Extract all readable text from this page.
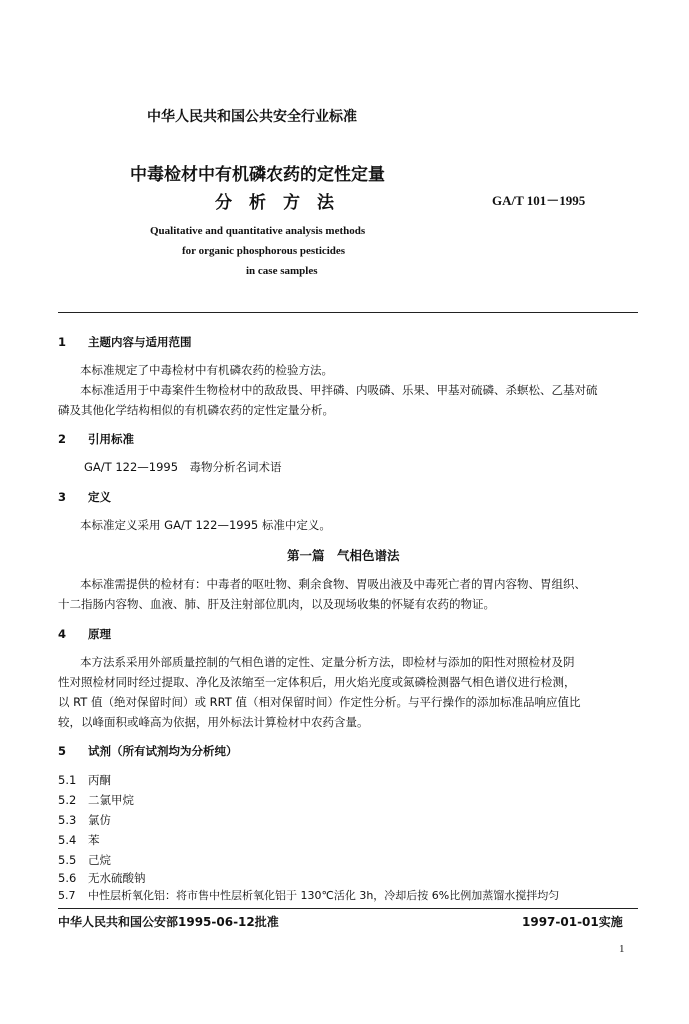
中华人民共和国公共安全行业标准
中毒检材中有机磷农药的定性定量
分　析　方　法	GA/T 101－1995
Qualitative and quantitative analysis methods
for organic phosphorous pesticides
in case samples
1 主题内容与适用范围
本标准规定了中毒检材中有机磷农药的检验方法。
本标准适用于中毒案件生物检材中的敌敌畏、甲拌磷、内吸磷、乐果、甲基对硫磷、杀螟松、乙基对硫
磷及其他化学结构相似的有机磷农药的定性定量分析。
2 引用标准
GA/T 122—1995　毒物分析名词术语
3 定义
本标准定义采用 GA/T 122—1995 标准中定义。
第一篇　气相色谱法
本标准需提供的检材有：中毒者的呕吐物、剩余食物、胃吸出液及中毒死亡者的胃内容物、胃组织、
十二指肠内容物、血液、肺、肝及注射部位肌肉，以及现场收集的怀疑有农药的物证。
4 原理
本方法系采用外部质量控制的气相色谱的定性、定量分析方法，即检材与添加的阳性对照检材及阴
性对照检材同时经过提取、净化及浓缩至一定体积后，用火焰光度或氮磷检测器气相色谱仪进行检测，
以 RT 值（绝对保留时间）或 RRT 值（相对保留时间）作定性分析。与平行操作的添加标准品响应值比
较，以峰面积或峰高为依据，用外标法计算检材中农药含量。
5 试剂（所有试剂均为分析纯）
5.1 丙酮
5.2 二氯甲烷
5.3 氯仿
5.4 苯
5.5 己烷
5.6 无水硫酸钠
5.7 中性层析氧化铝：将市售中性层析氧化铝于 130℃活化 3h，冷却后按 6%比例加蒸馏水搅拌均匀
中华人民共和国公安部1995-06-12批准	1997-01-01实施
1
